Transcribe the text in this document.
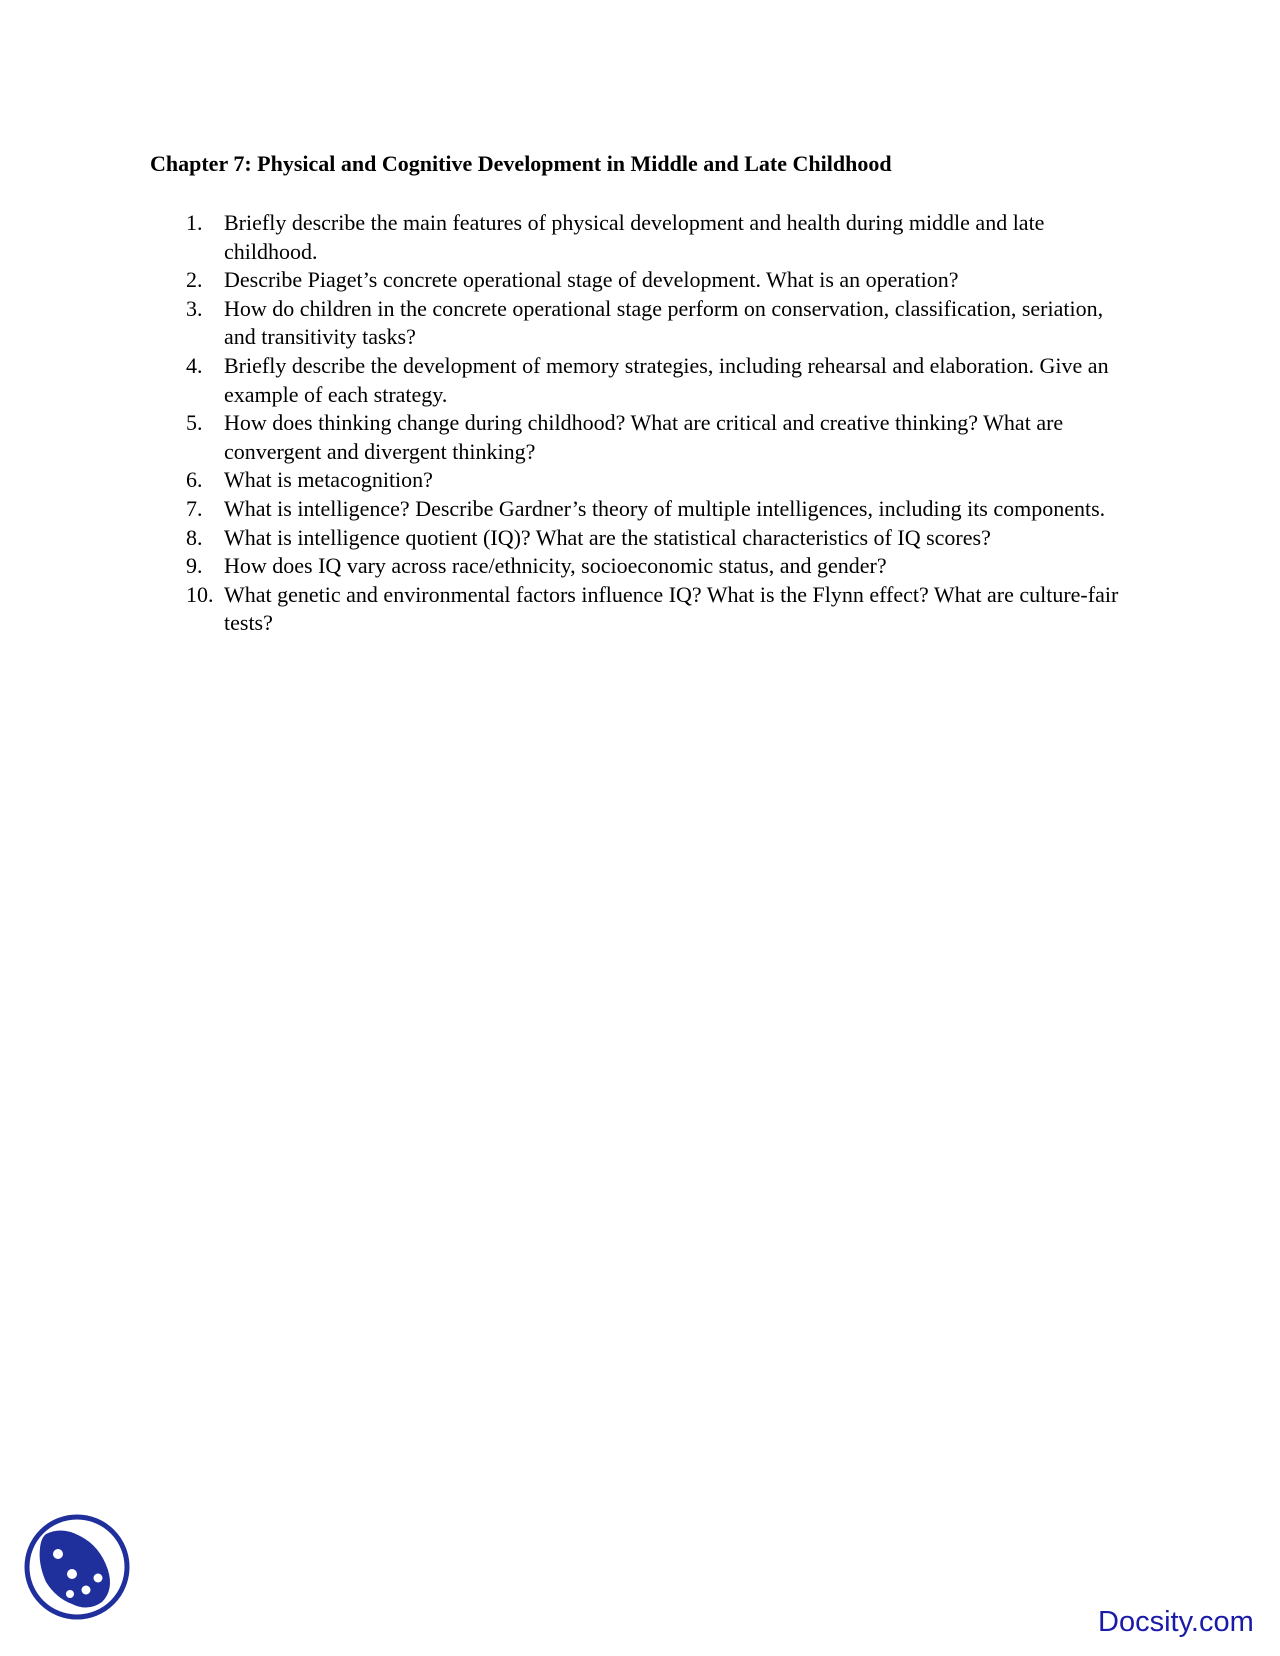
Chapter 7: Physical and Cognitive Development in Middle and Late Childhood
1. Briefly describe the main features of physical development and health during middle and late childhood.
2. Describe Piaget’s concrete operational stage of development. What is an operation?
3. How do children in the concrete operational stage perform on conservation, classification, seriation, and transitivity tasks?
4. Briefly describe the development of memory strategies, including rehearsal and elaboration. Give an example of each strategy.
5. How does thinking change during childhood? What are critical and creative thinking? What are convergent and divergent thinking?
6. What is metacognition?
7. What is intelligence? Describe Gardner’s theory of multiple intelligences, including its components.
8. What is intelligence quotient (IQ)? What are the statistical characteristics of IQ scores?
9. How does IQ vary across race/ethnicity, socioeconomic status, and gender?
10. What genetic and environmental factors influence IQ? What is the Flynn effect? What are culture-fair tests?
Docsity.com
